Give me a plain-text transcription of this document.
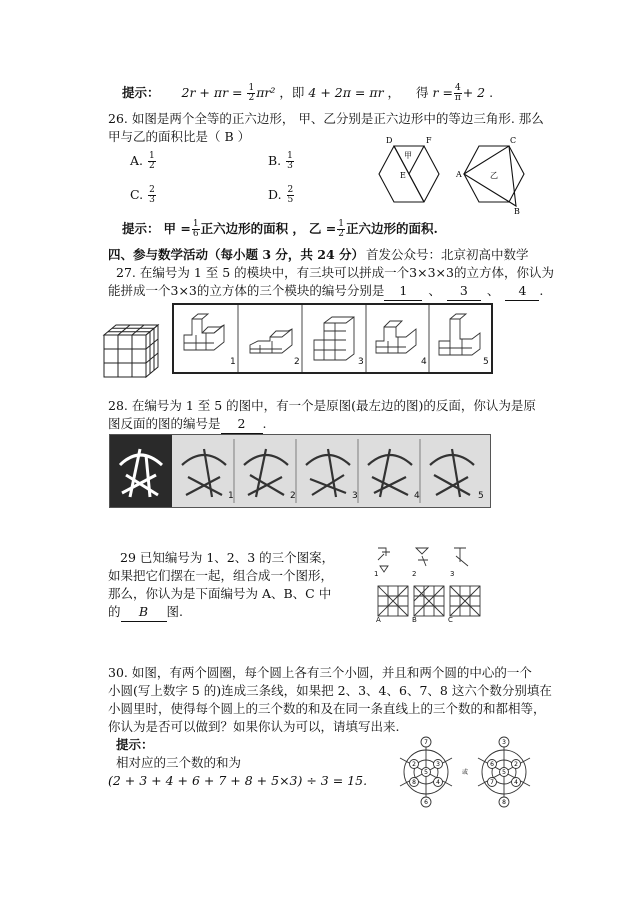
提示： $2r + \pi r = \frac{1}{2} \pi r^2$ ，即 4 + 2π = πr ， 得 $r = \frac{4}{\pi} + 2$ .
26. 如图是两个全等的正六边形， 甲、乙分别是正六边形中的等边三角形. 那么
甲与乙的面积比是（ B ）
A. $\frac{1}{2}$	B. $\frac{1}{3}$
C. $\frac{2}{3}$	D. $\frac{2}{5}$
D	F
E
甲
C
A
B
乙
提示： 甲 = $\frac{1}{6}$ 正六边形的面积 ， 乙 = $\frac{1}{2}$ 正六边形的面积.
四、参与数学活动（每小题 3 分，共 24 分） 首发公众号：北京初高中数学
27. 在编号为 1 至 5 的模块中，有三块可以拼成一个3×3×3的立方体，你认为
能拼成一个3×3的立方体的三个模块的编号分别是 1 、 3 、 4 .
1	2	3	4	5
28. 在编号为 1 至 5 的图中，有一个是原图(最左边的图)的反面，你认为是原
图反面的图的编号是 2 .
1	2	3	4	5
29 已知编号为 1、2、3 的三个图案，
如果把它们摆在一起，组合成一个图形，
那么，你认为是下面编号为 A、B、C 中
的 B 图.
1	2	3
A	B	C
30. 如图，有两个圆圈，每个圆上各有三个小圆，并且和两个圆的中心的一个
小圆(写上数字 5 的)连成三条线，如果把 2、3、4、6、7、8 这六个数分别填在
小圆里时，使得每个圆上的三个数的和及在同一条直线上的三个数的和都相等，
你认为是否可以做到？如果你认为可以，请填写出来.
提示：
相对应的三个数的和为
(2 + 3 + 4 + 6 + 7 + 8 + 5×3) ÷ 3 = 15.
7
2	3
5
8	4
6
或
3
6	2
5
7	4
8
